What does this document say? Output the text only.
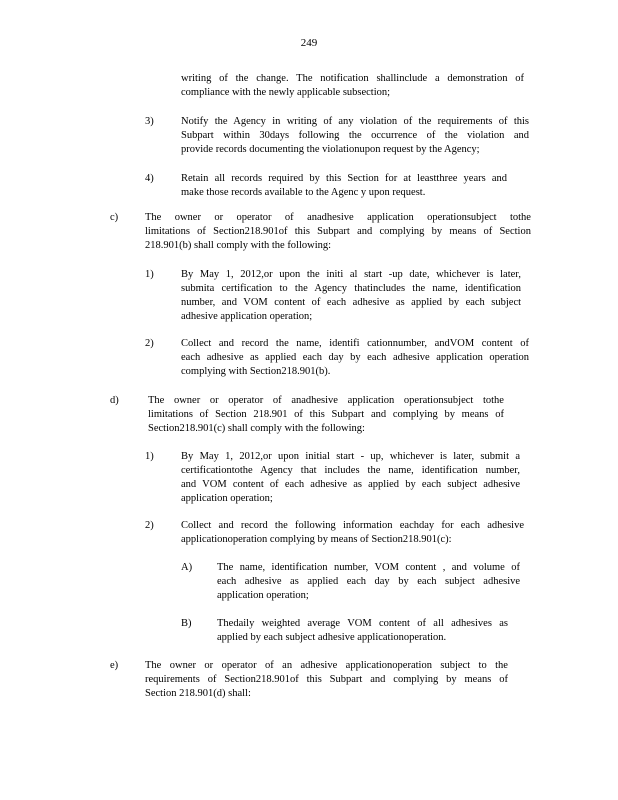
249
writing of the change. The notification shallinclude a demonstration of
compliance with the newly applicable subsection;
3)	Notify the Agency in writing of any violation of the requirements of this
Subpart within 30days following the occurrence of the violation and
provide records documenting the violationupon request by the Agency;
4)	Retain all records required by this Section for at leastthree years and
make those records available to the Agenc y upon request.
c)	The owner or operator of anadhesive application operationsubject tothe
limitations of Section218.901of this Subpart and complying by means of Section
218.901(b) shall comply with the following:
1)	By May 1, 2012,or upon the initi al start -up date, whichever is later,
submita certification to the Agency thatincludes the name, identification
number, and VOM content of each adhesive as applied by each subject
adhesive application operation;
2)	Collect and record the name, identifi cationnumber, andVOM content of
each adhesive as applied each day by each adhesive application operation
complying with Section218.901(b).
d)	The owner or operator of anadhesive application operationsubject tothe
limitations of Section 218.901 of this Subpart and complying by means of
Section218.901(c) shall comply with the following:
1)	By May 1, 2012,or upon initial start - up, whichever is later, submit a
certificationtothe Agency that includes the name, identification number,
and VOM content of each adhesive as applied by each subject adhesive
application operation;
2)	Collect and record the following information eachday for each adhesive
applicationoperation complying by means of Section218.901(c):
A) The name, identification number, VOM content , and volume of
each adhesive as applied each day by each subject adhesive
application operation;
B) Thedaily weighted average VOM content of all adhesives as
applied by each subject adhesive applicationoperation.
e)	The owner or operator of an adhesive applicationoperation subject to the
requirements of Section218.901of this Subpart and complying by means of
Section 218.901(d) shall:
